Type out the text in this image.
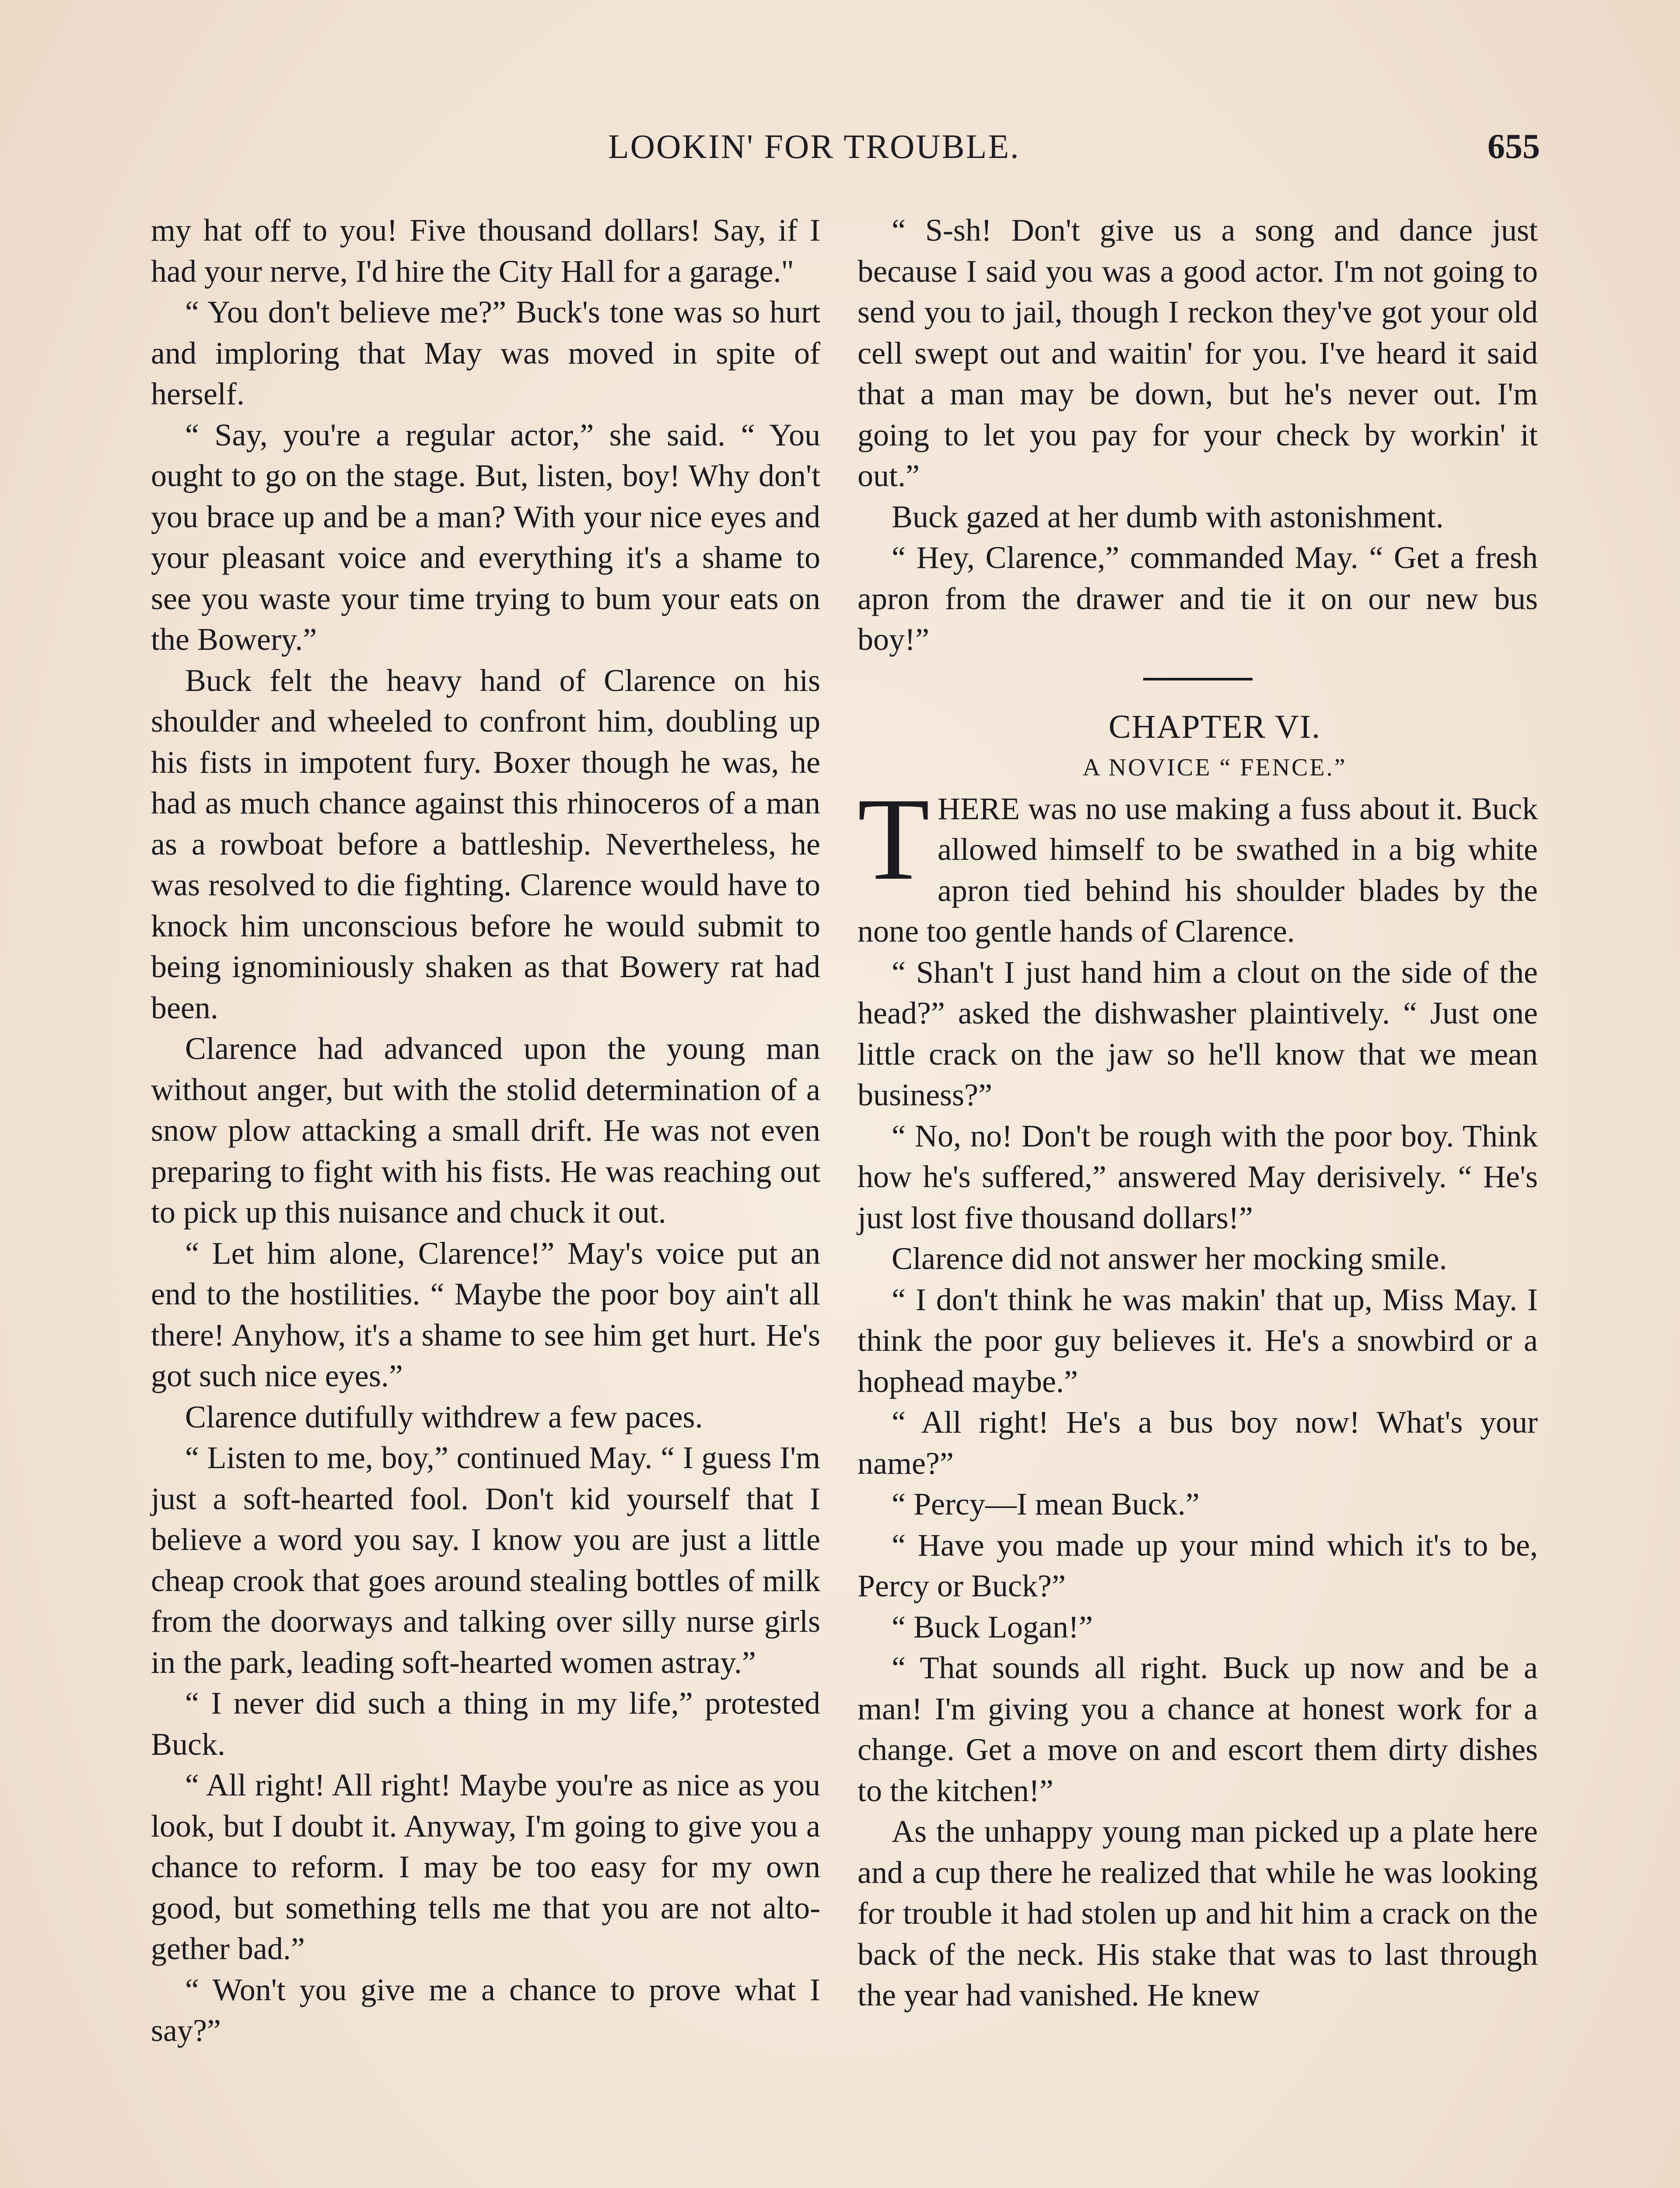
LOOKIN' FOR TROUBLE.	655

my hat off to you! Five thousand dollars! Say, if I had your nerve, I'd hire the City Hall for a garage."

“ You don't believe me?” Buck's tone was so hurt and imploring that May was moved in spite of herself.

“ Say, you're a regular actor,” she said. “ You ought to go on the stage. But, listen, boy! Why don't you brace up and be a man? With your nice eyes and your pleasant voice and everything it's a shame to see you waste your time trying to bum your eats on the Bowery.”

Buck felt the heavy hand of Clarence on his shoulder and wheeled to confront him, doubling up his fists in impotent fury. Boxer though he was, he had as much chance against this rhinoceros of a man as a rowboat before a battleship. Nevertheless, he was resolved to die fighting. Clarence would have to knock him unconscious before he would submit to being ignominiously shaken as that Bowery rat had been.

Clarence had advanced upon the young man without anger, but with the stolid determination of a snow plow attacking a small drift. He was not even preparing to fight with his fists. He was reaching out to pick up this nuisance and chuck it out.

“ Let him alone, Clarence!” May's voice put an end to the hostilities. “ Maybe the poor boy ain't all there! Anyhow, it's a shame to see him get hurt. He's got such nice eyes.”

Clarence dutifully withdrew a few paces.

“ Listen to me, boy,” continued May. “ I guess I'm just a soft-hearted fool. Don't kid yourself that I believe a word you say. I know you are just a little cheap crook that goes around stealing bottles of milk from the doorways and talking over silly nurse girls in the park, leading soft-hearted women astray.”

“ I never did such a thing in my life,” protested Buck.

“ All right! All right! Maybe you're as nice as you look, but I doubt it. Anyway, I'm going to give you a chance to reform. I may be too easy for my own good, but something tells me that you are not altogether bad.”

“ Won't you give me a chance to prove what I say?”

“ S-sh! Don't give us a song and dance just because I said you was a good actor. I'm not going to send you to jail, though I reckon they've got your old cell swept out and waitin' for you. I've heard it said that a man may be down, but he's never out. I'm going to let you pay for your check by workin' it out.”

Buck gazed at her dumb with astonishment.

“ Hey, Clarence,” commanded May. “ Get a fresh apron from the drawer and tie it on our new bus boy!”

CHAPTER VI.

A NOVICE “ FENCE.”

THERE was no use making a fuss about it. Buck allowed himself to be swathed in a big white apron tied behind his shoulder blades by the none too gentle hands of Clarence.

“ Shan't I just hand him a clout on the side of the head?” asked the dishwasher plaintively. “ Just one little crack on the jaw so he'll know that we mean business?”

“ No, no! Don't be rough with the poor boy. Think how he's suffered,” answered May derisively. “ He's just lost five thousand dollars!”

Clarence did not answer her mocking smile.

“ I don't think he was makin' that up, Miss May. I think the poor guy believes it. He's a snowbird or a hophead maybe.”

“ All right! He's a bus boy now! What's your name?”

“ Percy—I mean Buck.”

“ Have you made up your mind which it's to be, Percy or Buck?”

“ Buck Logan!”

“ That sounds all right. Buck up now and be a man! I'm giving you a chance at honest work for a change. Get a move on and escort them dirty dishes to the kitchen!”

As the unhappy young man picked up a plate here and a cup there he realized that while he was looking for trouble it had stolen up and hit him a crack on the back of the neck. His stake that was to last through the year had vanished. He knew
